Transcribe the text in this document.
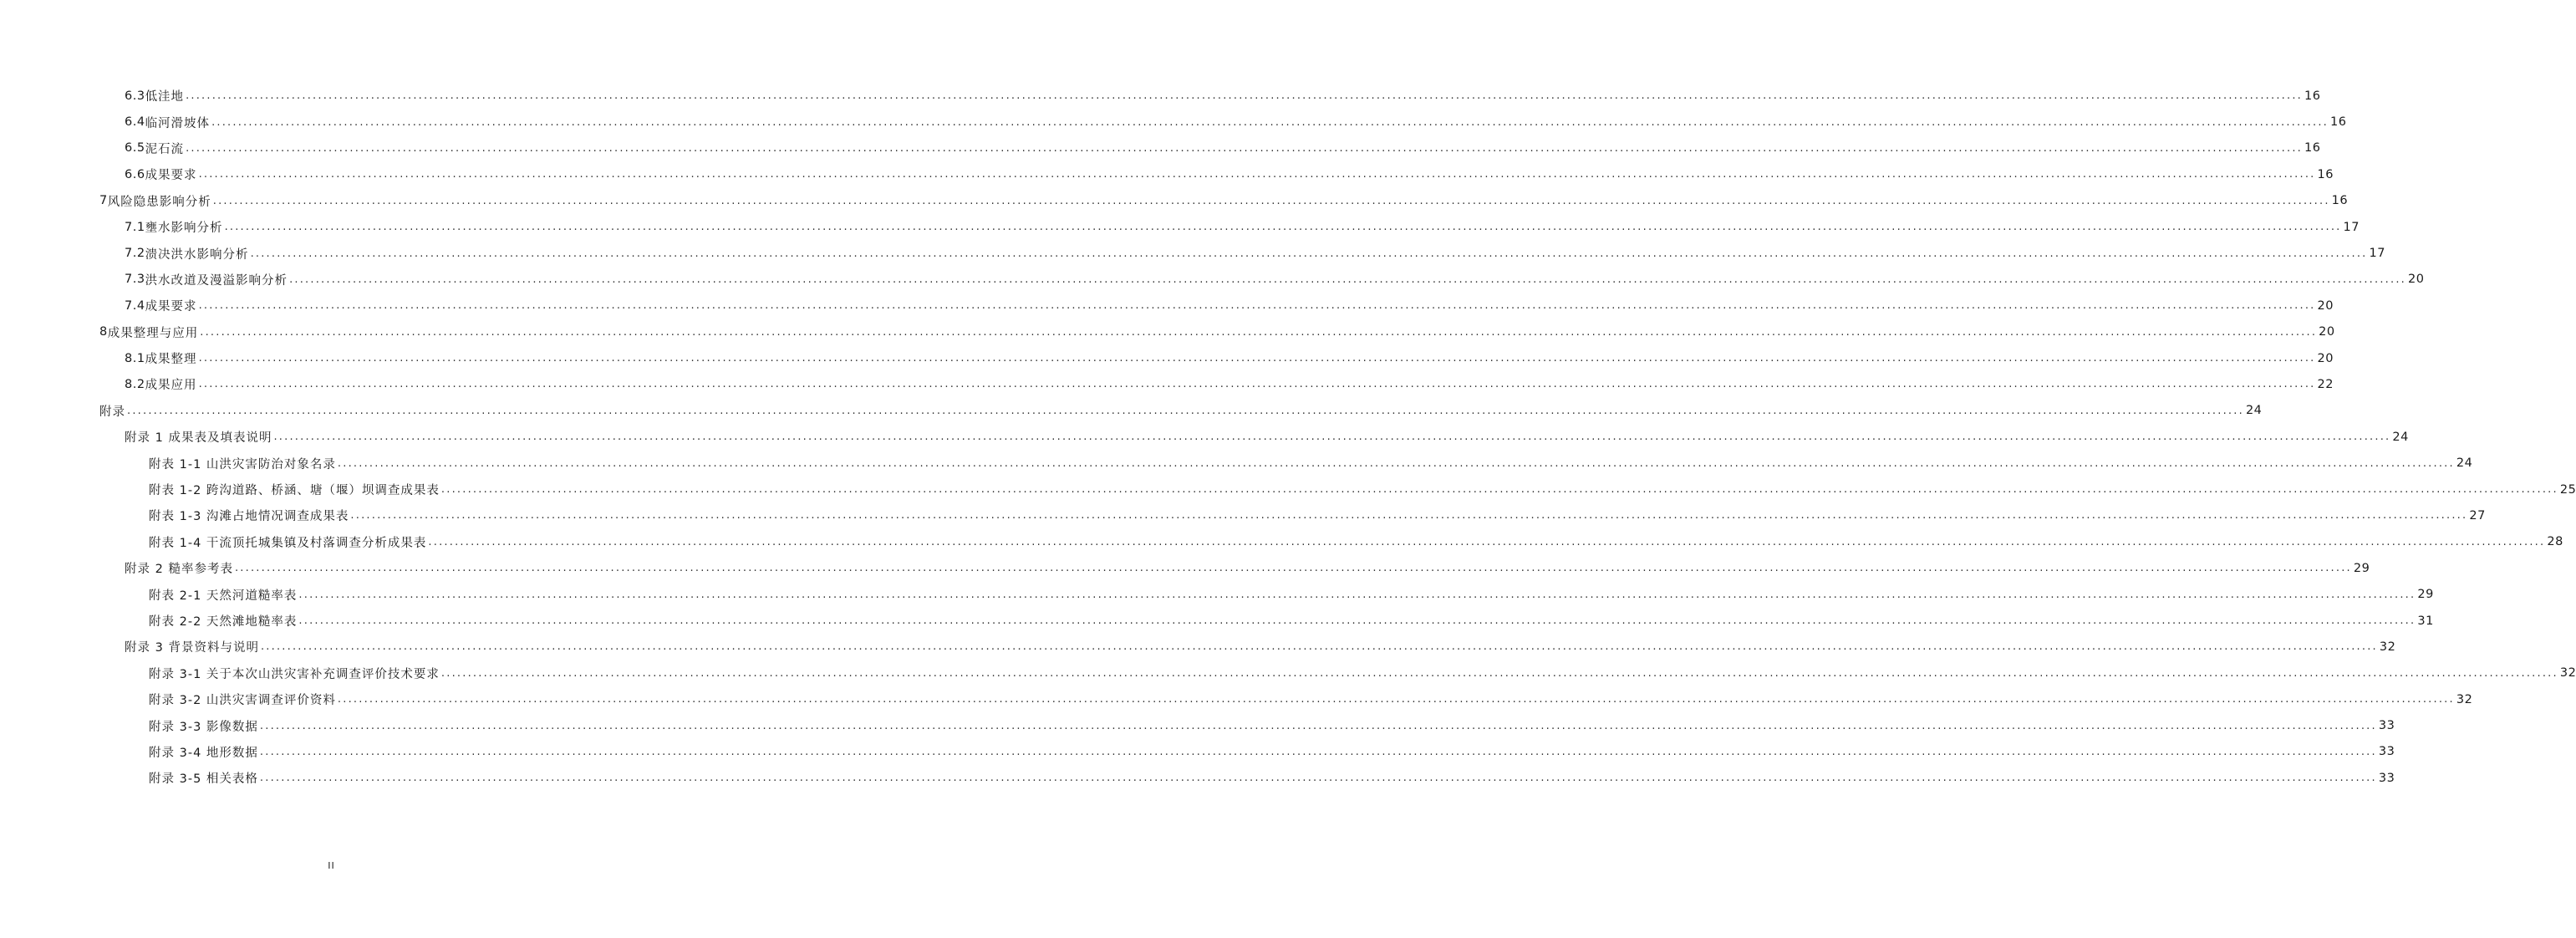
6.3 低洼地 ................................................................................................................................................................................................................................................................................................................................................................................................................ 16
6.4 临河滑坡体 ................................................................................................................................................................................................................................................................................................................................................................................................................ 16
6.5 泥石流 ................................................................................................................................................................................................................................................................................................................................................................................................................ 16
6.6 成果要求 ................................................................................................................................................................................................................................................................................................................................................................................................................ 16
7 风险隐患影响分析 ................................................................................................................................................................................................................................................................................................................................................................................................................ 16
7.1 壅水影响分析 ................................................................................................................................................................................................................................................................................................................................................................................................................ 17
7.2 溃决洪水影响分析 ................................................................................................................................................................................................................................................................................................................................................................................................................ 17
7.3 洪水改道及漫溢影响分析 ................................................................................................................................................................................................................................................................................................................................................................................................................ 20
7.4 成果要求 ................................................................................................................................................................................................................................................................................................................................................................................................................ 20
8 成果整理与应用 ................................................................................................................................................................................................................................................................................................................................................................................................................ 20
8.1 成果整理 ................................................................................................................................................................................................................................................................................................................................................................................................................ 20
8.2 成果应用 ................................................................................................................................................................................................................................................................................................................................................................................................................ 22
附录 ................................................................................................................................................................................................................................................................................................................................................................................................................ 24
附录 1 成果表及填表说明 ................................................................................................................................................................................................................................................................................................................................................................................................................ 24
附表 1-1 山洪灾害防治对象名录 ................................................................................................................................................................................................................................................................................................................................................................................................................ 24
附表 1-2 跨沟道路、桥涵、塘（堰）坝调查成果表 ................................................................................................................................................................................................................................................................................................................................................................................................................ 25
附表 1-3 沟滩占地情况调查成果表 ................................................................................................................................................................................................................................................................................................................................................................................................................ 27
附表 1-4 干流顶托城集镇及村落调查分析成果表 ................................................................................................................................................................................................................................................................................................................................................................................................................ 28
附录 2 糙率参考表 ................................................................................................................................................................................................................................................................................................................................................................................................................ 29
附表 2-1 天然河道糙率表 ................................................................................................................................................................................................................................................................................................................................................................................................................ 29
附表 2-2 天然滩地糙率表 ................................................................................................................................................................................................................................................................................................................................................................................................................ 31
附录 3 背景资料与说明 ................................................................................................................................................................................................................................................................................................................................................................................................................ 32
附录 3-1 关于本次山洪灾害补充调查评价技术要求 ................................................................................................................................................................................................................................................................................................................................................................................................................ 32
附录 3-2 山洪灾害调查评价资料 ................................................................................................................................................................................................................................................................................................................................................................................................................ 32
附录 3-3 影像数据 ................................................................................................................................................................................................................................................................................................................................................................................................................ 33
附录 3-4 地形数据 ................................................................................................................................................................................................................................................................................................................................................................................................................ 33
附录 3-5 相关表格 ................................................................................................................................................................................................................................................................................................................................................................................................................ 33
II
